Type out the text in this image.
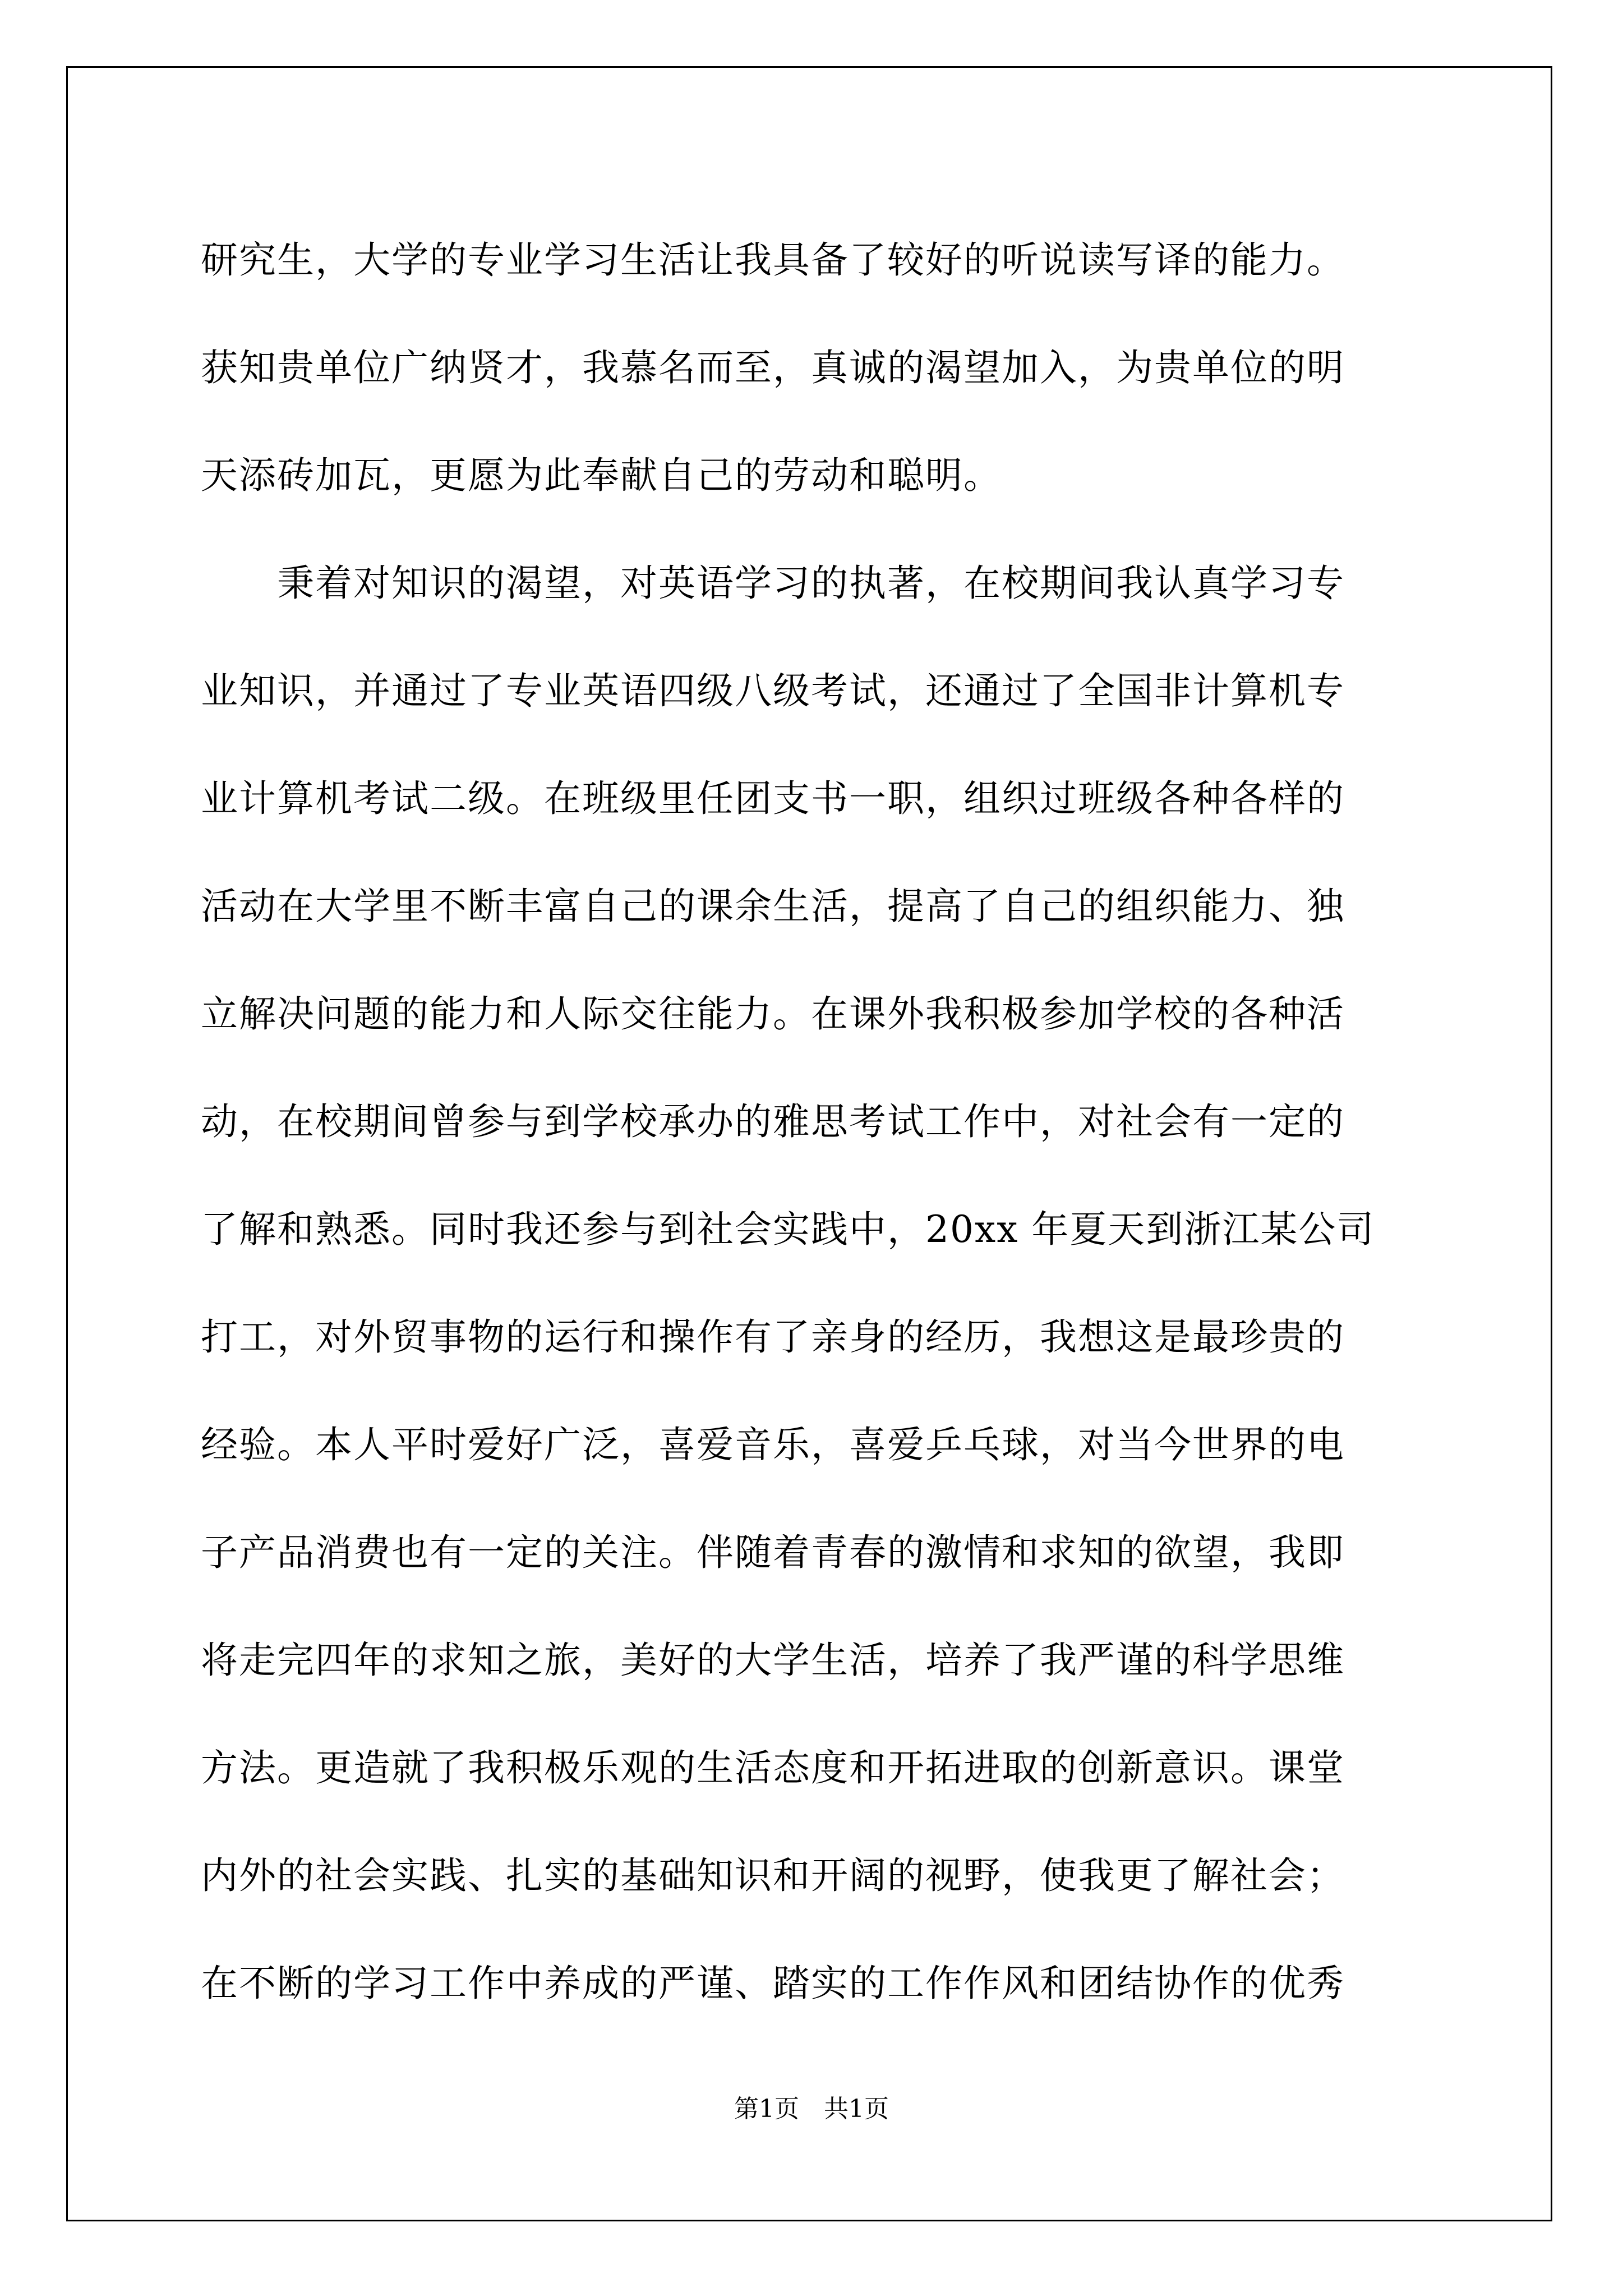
研究生，大学的专业学习生活让我具备了较好的听说读写译的能力。
获知贵单位广纳贤才，我慕名而至，真诚的渴望加入，为贵单位的明
天添砖加瓦，更愿为此奉献自己的劳动和聪明。
　　秉着对知识的渴望，对英语学习的执著，在校期间我认真学习专
业知识，并通过了专业英语四级八级考试，还通过了全国非计算机专
业计算机考试二级。在班级里任团支书一职，组织过班级各种各样的
活动在大学里不断丰富自己的课余生活，提高了自己的组织能力、独
立解决问题的能力和人际交往能力。在课外我积极参加学校的各种活
动，在校期间曾参与到学校承办的雅思考试工作中，对社会有一定的
了解和熟悉。同时我还参与到社会实践中，20xx 年夏天到浙江某公司
打工，对外贸事物的运行和操作有了亲身的经历，我想这是最珍贵的
经验。本人平时爱好广泛，喜爱音乐，喜爱乒乓球，对当今世界的电
子产品消费也有一定的关注。伴随着青春的激情和求知的欲望，我即
将走完四年的求知之旅，美好的大学生活，培养了我严谨的科学思维
方法。更造就了我积极乐观的生活态度和开拓进取的创新意识。课堂
内外的社会实践、扎实的基础知识和开阔的视野，使我更了解社会；
在不断的学习工作中养成的严谨、踏实的工作作风和团结协作的优秀
第1页　共1页
